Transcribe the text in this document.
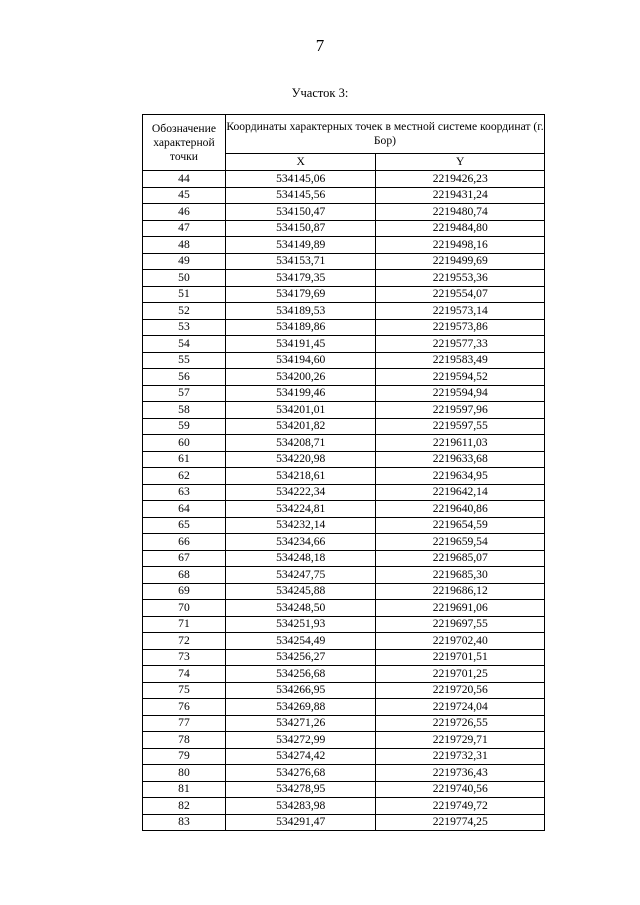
7
Участок 3:
Обозначение характерной точки	Координаты характерных точек в местной системе координат (г. Бор)	
	X	Y
44	534145,06	2219426,23
45	534145,56	2219431,24
46	534150,47	2219480,74
47	534150,87	2219484,80
48	534149,89	2219498,16
49	534153,71	2219499,69
50	534179,35	2219553,36
51	534179,69	2219554,07
52	534189,53	2219573,14
53	534189,86	2219573,86
54	534191,45	2219577,33
55	534194,60	2219583,49
56	534200,26	2219594,52
57	534199,46	2219594,94
58	534201,01	2219597,96
59	534201,82	2219597,55
60	534208,71	2219611,03
61	534220,98	2219633,68
62	534218,61	2219634,95
63	534222,34	2219642,14
64	534224,81	2219640,86
65	534232,14	2219654,59
66	534234,66	2219659,54
67	534248,18	2219685,07
68	534247,75	2219685,30
69	534245,88	2219686,12
70	534248,50	2219691,06
71	534251,93	2219697,55
72	534254,49	2219702,40
73	534256,27	2219701,51
74	534256,68	2219701,25
75	534266,95	2219720,56
76	534269,88	2219724,04
77	534271,26	2219726,55
78	534272,99	2219729,71
79	534274,42	2219732,31
80	534276,68	2219736,43
81	534278,95	2219740,56
82	534283,98	2219749,72
83	534291,47	2219774,25
